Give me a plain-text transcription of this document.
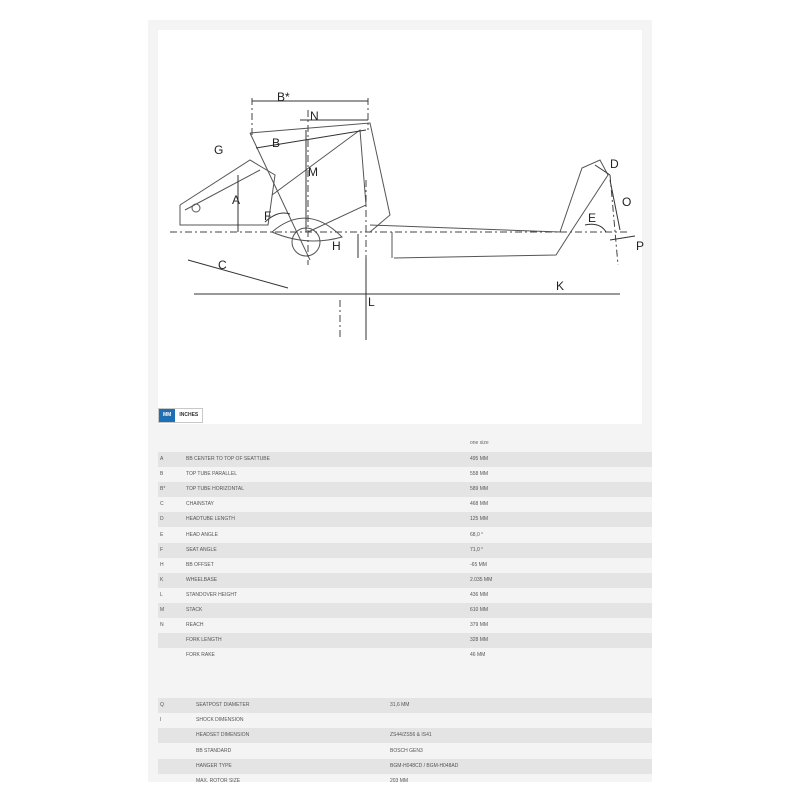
B*
N
B
G
M
A
F
H
C
K
L
D
O
E
P
MM	INCHES
one size
A	BB CENTER TO TOP OF SEATTUBE	495 MM
B	TOP TUBE PARALLEL	558 MM
B*	TOP TUBE HORIZONTAL	589 MM
C	CHAINSTAY	468 MM
D	HEADTUBE LENGTH	125 MM
E	HEAD ANGLE	68,0 °
F	SEAT ANGLE	71,0 °
H	BB OFFSET	-65 MM
K	WHEELBASE	2.035 MM
L	STANDOVER HEIGHT	436 MM
M	STACK	610 MM
N	REACH	379 MM
FORK LENGTH	328 MM
FORK RAKE	46 MM
Q	SEATPOST DIAMETER	31,6 MM
I	SHOCK DIMENSION
HEADSET DIMENSION	ZS44/ZS56 & IS41
BB STANDARD	BOSCH GEN3
HANGER TYPE	BGM-H048CD / BGM-H048AD
MAX. ROTOR SIZE	203 MM
